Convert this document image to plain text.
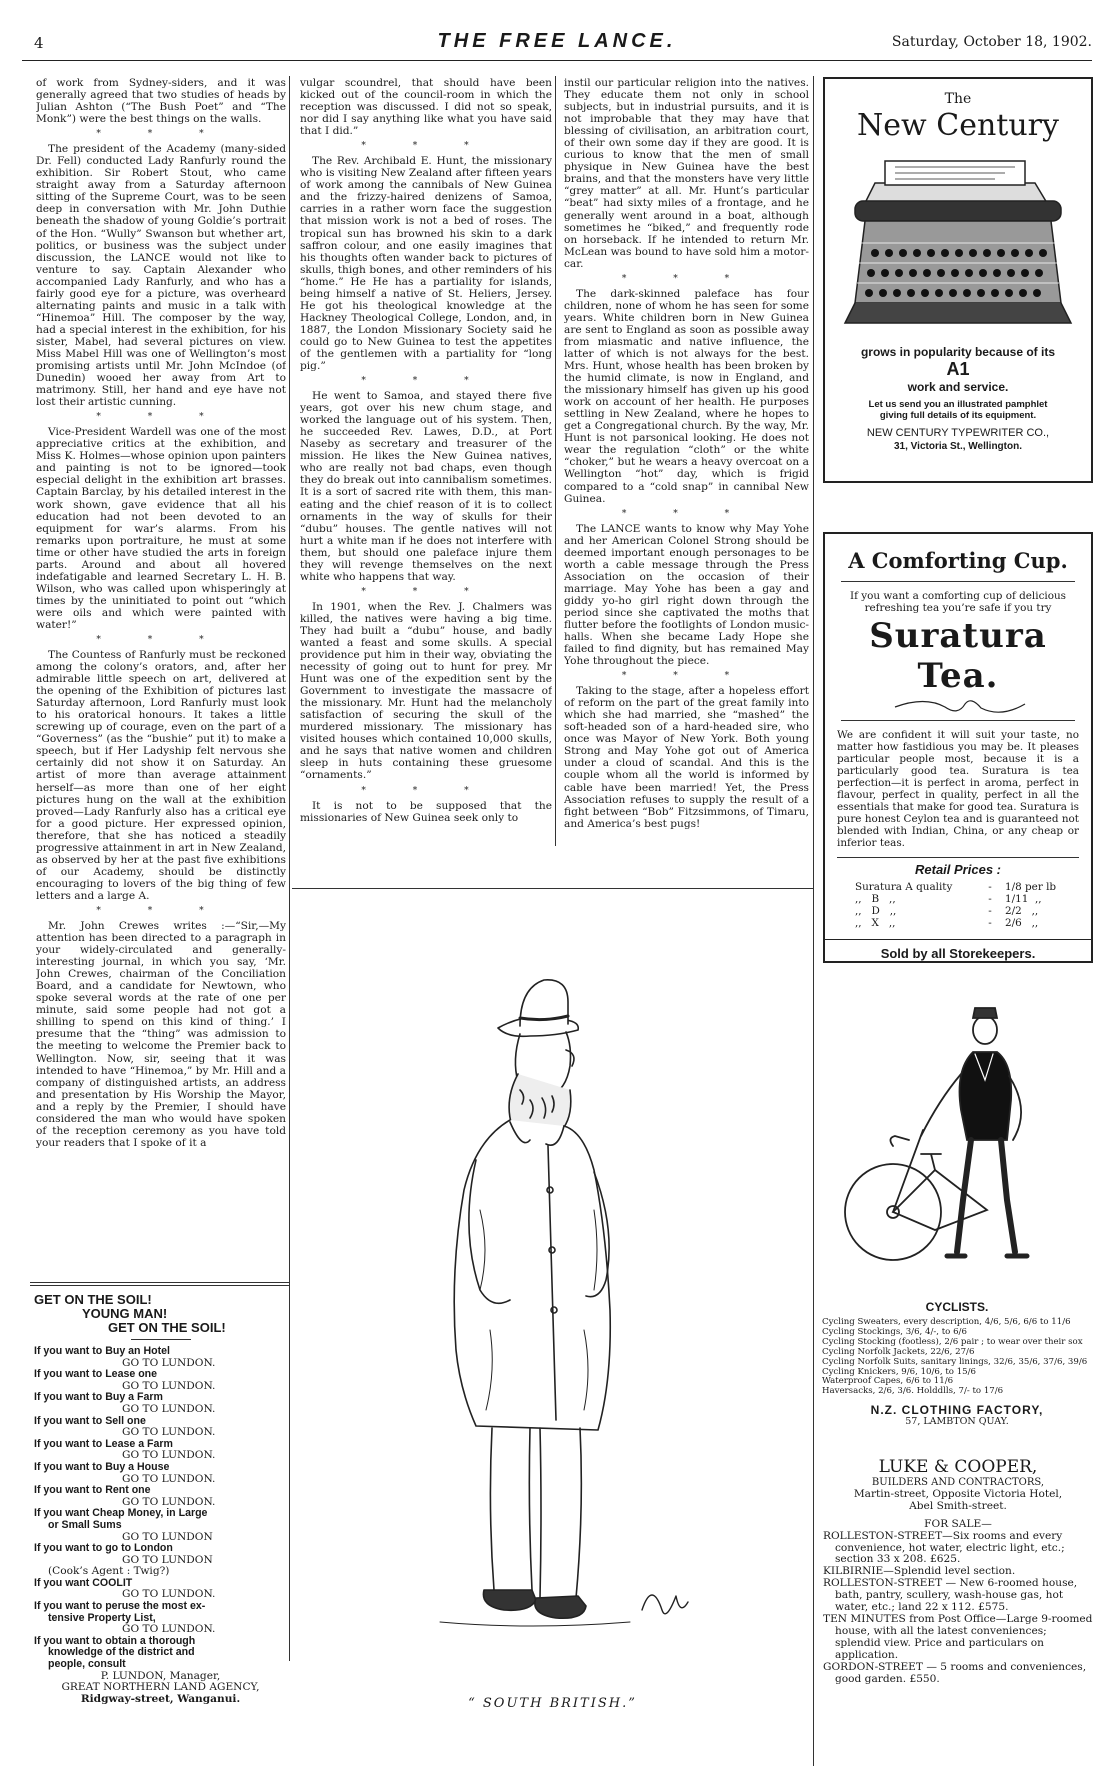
4	THE FREE LANCE.	Saturday, October 18, 1902.

of work from Sydney-siders, and it was generally agreed that two studies of heads by Julian Ashton (“The Bush Poet” and “The Monk”) were the best things on the walls.

* * *

The president of the Academy (many-sided Dr. Fell) conducted Lady Ranfurly round the exhibition. Sir Robert Stout, who came straight away from a Saturday afternoon sitting of the Supreme Court, was to be seen deep in conversation with Mr. John Duthie beneath the shadow of young Goldie’s portrait of the Hon. “Wully” Swanson but whether art, politics, or business was the subject under discussion, the LANCE would not like to venture to say. Captain Alexander who accompanied Lady Ranfurly, and who has a fairly good eye for a picture, was overheard alternating paints and music in a talk with “Hinemoa” Hill. The composer by the way, had a special interest in the exhibition, for his sister, Mabel, had several pictures on view. Miss Mabel Hill was one of Wellington’s most promising artists until Mr. John McIndoe (of Dunedin) wooed her away from Art to matrimony. Still, her hand and eye have not lost their artistic cunning.

* * *

Vice-President Wardell was one of the most appreciative critics at the exhibition, and Miss K. Holmes—whose opinion upon painters and painting is not to be ignored—took especial delight in the exhibition art brasses. Captain Barclay, by his detailed interest in the work shown, gave evidence that all his education had not been devoted to an equipment for war’s alarms. From his remarks upon portraiture, he must at some time or other have studied the arts in foreign parts. Around and about all hovered indefatigable and learned Secretary L. H. B. Wilson, who was called upon whisperingly at times by the uninitiated to point out “which were oils and which were painted with water!”

* * *

The Countess of Ranfurly must be reckoned among the colony’s orators, and, after her admirable little speech on art, delivered at the opening of the Exhibition of pictures last Saturday afternoon, Lord Ranfurly must look to his oratorical honours. It takes a little screwing up of courage, even on the part of a “Governess” (as the “bushie” put it) to make a speech, but if Her Ladyship felt nervous she certainly did not show it on Saturday. An artist of more than average attainment herself—as more than one of her eight pictures hung on the wall at the exhibition proved—Lady Ranfurly also has a critical eye for a good picture. Her expressed opinion, therefore, that she has noticed a steadily progressive attainment in art in New Zealand, as observed by her at the past five exhibitions of our Academy, should be distinctly encouraging to lovers of the big thing of few letters and a large A.

* * *

Mr. John Crewes writes :—“Sir,—My attention has been directed to a paragraph in your widely-circulated and generally-interesting journal, in which you say, ‘Mr. John Crewes, chairman of the Conciliation Board, and a candidate for Newtown, who spoke several words at the rate of one per minute, said some people had not got a shilling to spend on this kind of thing.’ I presume that the “thing” was admission to the meeting to welcome the Premier back to Wellington. Now, sir, seeing that it was intended to have “Hinemoa,” by Mr. Hill and a company of distinguished artists, an address and presentation by His Worship the Mayor, and a reply by the Premier, I should have considered the man who would have spoken of the reception ceremony as you have told your readers that I spoke of it a

vulgar scoundrel, that should have been kicked out of the council-room in which the reception was discussed. I did not so speak, nor did I say anything like what you have said that I did.”

* * *

The Rev. Archibald E. Hunt, the missionary who is visiting New Zealand after fifteen years of work among the cannibals of New Guinea and the frizzy-haired denizens of Samoa, carries in a rather worn face the suggestion that mission work is not a bed of roses. The tropical sun has browned his skin to a dark saffron colour, and one easily imagines that his thoughts often wander back to pictures of skulls, thigh bones, and other reminders of his “home.” He He has a partiality for islands, being himself a native of St. Heliers, Jersey. He got his theological knowledge at the Hackney Theological College, London, and, in 1887, the London Missionary Society said he could go to New Guinea to test the appetites of the gentlemen with a partiality for “long pig.”

* * *

He went to Samoa, and stayed there five years, got over his new chum stage, and worked the language out of his system. Then, he succeeded Rev. Lawes, D.D., at Port Naseby as secretary and treasurer of the mission. He likes the New Guinea natives, who are really not bad chaps, even though they do break out into cannibalism sometimes. It is a sort of sacred rite with them, this man-eating and the chief reason of it is to collect ornaments in the way of skulls for their “dubu” houses. The gentle natives will not hurt a white man if he does not interfere with them, but should one paleface injure them they will revenge themselves on the next white who happens that way.

* * *

In 1901, when the Rev. J. Chalmers was killed, the natives were having a big time. They had built a “dubu” house, and badly wanted a feast and some skulls. A special providence put him in their way, obviating the necessity of going out to hunt for prey. Mr Hunt was one of the expedition sent by the Government to investigate the massacre of the missionary. Mr. Hunt had the melancholy satisfaction of securing the skull of the murdered missionary. The missionary has visited houses which contained 10,000 skulls, and he says that native women and children sleep in huts containing these gruesome “ornaments.”

* * *

It is not to be supposed that the missionaries of New Guinea seek only to

instil our particular religion into the natives. They educate them not only in school subjects, but in industrial pursuits, and it is not improbable that they may have that blessing of civilisation, an arbitration court, of their own some day if they are good. It is curious to know that the men of small physique in New Guinea have the best brains, and that the monsters have very little “grey matter” at all. Mr. Hunt’s particular “beat” had sixty miles of a frontage, and he generally went around in a boat, although sometimes he “biked,” and frequently rode on horseback. If he intended to return Mr. McLean was bound to have sold him a motor-car.

* * *

The dark-skinned paleface has four children, none of whom he has seen for some years. White children born in New Guinea are sent to England as soon as possible away from miasmatic and native influence, the latter of which is not always for the best. Mrs. Hunt, whose health has been broken by the humid climate, is now in England, and the missionary himself has given up his good work on account of her health. He purposes settling in New Zealand, where he hopes to get a Congregational church. By the way, Mr. Hunt is not parsonical looking. He does not wear the regulation “cloth” or the white “choker,” but he wears a heavy overcoat on a Wellington “hot” day, which is frigid compared to a “cold snap” in cannibal New Guinea.

* * *

The LANCE wants to know why May Yohe and her American Colonel Strong should be deemed important enough personages to be worth a cable message through the Press Association on the occasion of their marriage. May Yohe has been a gay and giddy yo-ho girl right down through the period since she captivated the moths that flutter before the footlights of London music-halls. When she became Lady Hope she failed to find dignity, but has remained May Yohe throughout the piece.

* * *

Taking to the stage, after a hopeless effort of reform on the part of the great family into which she had married, she “mashed” the soft-headed son of a hard-headed sire, who once was Mayor of New York. Both young Strong and May Yohe got out of America under a cloud of scandal. And this is the couple whom all the world is informed by cable have been married! Yet, the Press Association refuses to supply the result of a fight between “Bob” Fitzsimmons, of Timaru, and America’s best pugs!

GET ON THE SOIL!
YOUNG MAN!
GET ON THE SOIL!
If you want to Buy an Hotel
GO TO LUNDON.
If you want to Lease one
GO TO LUNDON.
If you want to Buy a Farm
GO TO LUNDON.
If you want to Sell one
GO TO LUNDON.
If you want to Lease a Farm
GO TO LUNDON.
If you want to Buy a House
GO TO LUNDON.
If you want to Rent one
GO TO LUNDON.
If you want Cheap Money, in Large
or Small Sums
GO TO LUNDON
If you want to go to London
GO TO LUNDON
(Cook’s Agent : Twig?)
If you want COOLIT
GO TO LUNDON.
If you want to peruse the most ex-
tensive Property List,
GO TO LUNDON.
If you want to obtain a thorough
knowledge of the district and
people, consult
P. LUNDON, Manager,
GREAT NORTHERN LAND AGENCY,
Ridgway-street, Wanganui.	“ SOUTH BRITISH.”
The
New Century
grows in popularity because of its
A1
work and service.
Let us send you an illustrated pamphlet
giving full details of its equipment.
NEW CENTURY TYPEWRITER CO.,
31, Victoria St., Wellington.
A Comforting Cup.
If you want a comforting cup of delicious refreshing tea you’re safe if you try
Suratura Tea.
We are confident it will suit your taste, no matter how fastidious you may be. It pleases particular people most, because it is a particularly good tea. Suratura is tea perfection—it is perfect in aroma, perfect in flavour, perfect in quality, perfect in all the essentials that make for good tea. Suratura is pure honest Ceylon tea and is guaranteed not blended with Indian, China, or any cheap or inferior teas.
Retail Prices :
Suratura A quality	-	1/8 per lb
,,   B   ,,	-	1/11  ,,
,,   D   ,,	-	2/2   ,,
,,   X   ,,	-	2/6   ,,
Sold by all Storekeepers.
CYCLISTS.
Cycling Sweaters, every description, 4/6, 5/6, 6/6 to 11/6
Cycling Stockings, 3/6, 4/-, to 6/6
Cycling Stocking (footless), 2/6 pair ; to wear over their sox
Cycling Norfolk Jackets, 22/6, 27/6
Cycling Norfolk Suits, sanitary linings, 32/6, 35/6, 37/6, 39/6
Cycling Knickers, 9/6, 10/6, to 15/6
Waterproof Capes, 6/6 to 11/6
Haversacks, 2/6, 3/6. Holddlls, 7/- to 17/6
N.Z. CLOTHING FACTORY,
57, LAMBTON QUAY.
LUKE & COOPER,
BUILDERS AND CONTRACTORS,
Martin-street, Opposite Victoria Hotel,
Abel Smith-street.
FOR SALE—
ROLLESTON-STREET—Six rooms and every convenience, hot water, electric light, etc.; section 33 x 208. £625.
KILBIRNIE—Splendid level section.
ROLLESTON-STREET — New 6-roomed house, bath, pantry, scullery, wash-house gas, hot water, etc.; land 22 x 112. £575.
TEN MINUTES from Post Office—Large 9-roomed house, with all the latest conveniences; splendid view. Price and particulars on application.
GORDON-STREET — 5 rooms and conveniences, good garden. £550.
